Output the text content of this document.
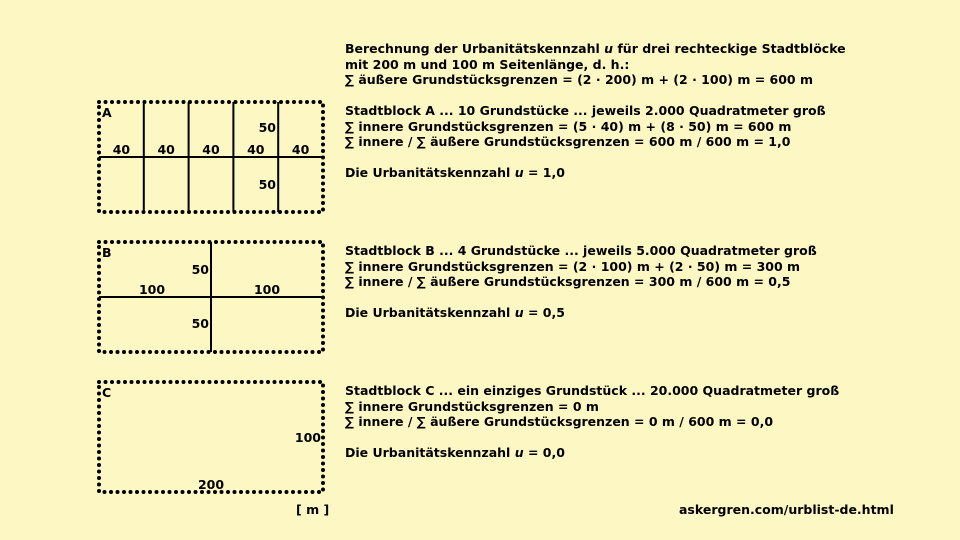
A
50
40 40 40 40 40
50
B
50
100	100
50
C
100
200
Berechnung der Urbanitätskennzahl u für drei rechteckige Stadtblöcke
mit 200 m und 100 m Seitenlänge, d. h.:
∑ äußere Grundstücksgrenzen = (2 · 200) m + (2 · 100) m = 600 m
Stadtblock A ... 10 Grundstücke ... jeweils 2.000 Quadratmeter groß
∑ innere Grundstücksgrenzen = (5 · 40) m + (8 · 50) m = 600 m
∑ innere / ∑ äußere Grundstücksgrenzen = 600 m / 600 m = 1,0
Die Urbanitätskennzahl u = 1,0
Stadtblock B ... 4 Grundstücke ... jeweils 5.000 Quadratmeter groß
∑ innere Grundstücksgrenzen = (2 · 100) m + (2 · 50) m = 300 m
∑ innere / ∑ äußere Grundstücksgrenzen = 300 m / 600 m = 0,5
Die Urbanitätskennzahl u = 0,5
Stadtblock C ... ein einziges Grundstück ... 20.000 Quadratmeter groß
∑ innere Grundstücksgrenzen = 0 m
∑ innere / ∑ äußere Grundstücksgrenzen = 0 m / 600 m = 0,0
Die Urbanitätskennzahl u = 0,0
[ m ]	askergren.com/urblist-de.html
